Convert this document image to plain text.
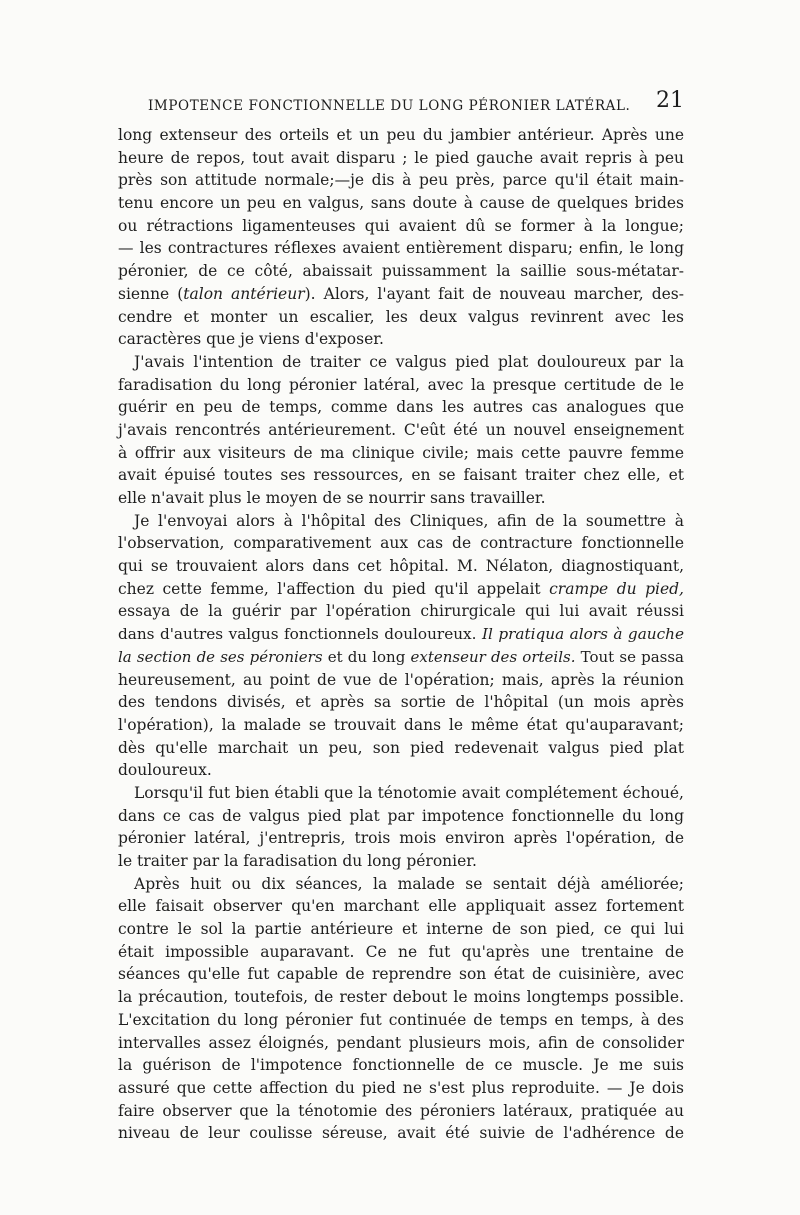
IMPOTENCE FONCTIONNELLE DU LONG PÉRONIER LATÉRAL. 21
long extenseur des orteils et un peu du jambier antérieur. Après une
heure de repos, tout avait disparu ; le pied gauche avait repris à peu
près son attitude normale;—je dis à peu près, parce qu'il était main-
tenu encore un peu en valgus, sans doute à cause de quelques brides
ou rétractions ligamenteuses qui avaient dû se former à la longue;
— les contractures réflexes avaient entièrement disparu; enfin, le long
péronier, de ce côté, abaissait puissamment la saillie sous-métatar-
sienne (talon antérieur). Alors, l'ayant fait de nouveau marcher, des-
cendre et monter un escalier, les deux valgus revinrent avec les
caractères que je viens d'exposer.
J'avais l'intention de traiter ce valgus pied plat douloureux par la
faradisation du long péronier latéral, avec la presque certitude de le
guérir en peu de temps, comme dans les autres cas analogues que
j'avais rencontrés antérieurement. C'eût été un nouvel enseignement
à offrir aux visiteurs de ma clinique civile; mais cette pauvre femme
avait épuisé toutes ses ressources, en se faisant traiter chez elle, et
elle n'avait plus le moyen de se nourrir sans travailler.
Je l'envoyai alors à l'hôpital des Cliniques, afin de la soumettre à
l'observation, comparativement aux cas de contracture fonctionnelle
qui se trouvaient alors dans cet hôpital. M. Nélaton, diagnostiquant,
chez cette femme, l'affection du pied qu'il appelait crampe du pied,
essaya de la guérir par l'opération chirurgicale qui lui avait réussi
dans d'autres valgus fonctionnels douloureux. Il pratiqua alors à gauche
la section de ses péroniers et du long extenseur des orteils. Tout se passa
heureusement, au point de vue de l'opération; mais, après la réunion
des tendons divisés, et après sa sortie de l'hôpital (un mois après
l'opération), la malade se trouvait dans le même état qu'auparavant;
dès qu'elle marchait un peu, son pied redevenait valgus pied plat
douloureux.
Lorsqu'il fut bien établi que la ténotomie avait complétement échoué,
dans ce cas de valgus pied plat par impotence fonctionnelle du long
péronier latéral, j'entrepris, trois mois environ après l'opération, de
le traiter par la faradisation du long péronier.
Après huit ou dix séances, la malade se sentait déjà améliorée;
elle faisait observer qu'en marchant elle appliquait assez fortement
contre le sol la partie antérieure et interne de son pied, ce qui lui
était impossible auparavant. Ce ne fut qu'après une trentaine de
séances qu'elle fut capable de reprendre son état de cuisinière, avec
la précaution, toutefois, de rester debout le moins longtemps possible.
L'excitation du long péronier fut continuée de temps en temps, à des
intervalles assez éloignés, pendant plusieurs mois, afin de consolider
la guérison de l'impotence fonctionnelle de ce muscle. Je me suis
assuré que cette affection du pied ne s'est plus reproduite. — Je dois
faire observer que la ténotomie des péroniers latéraux, pratiquée au
niveau de leur coulisse séreuse, avait été suivie de l'adhérence de
